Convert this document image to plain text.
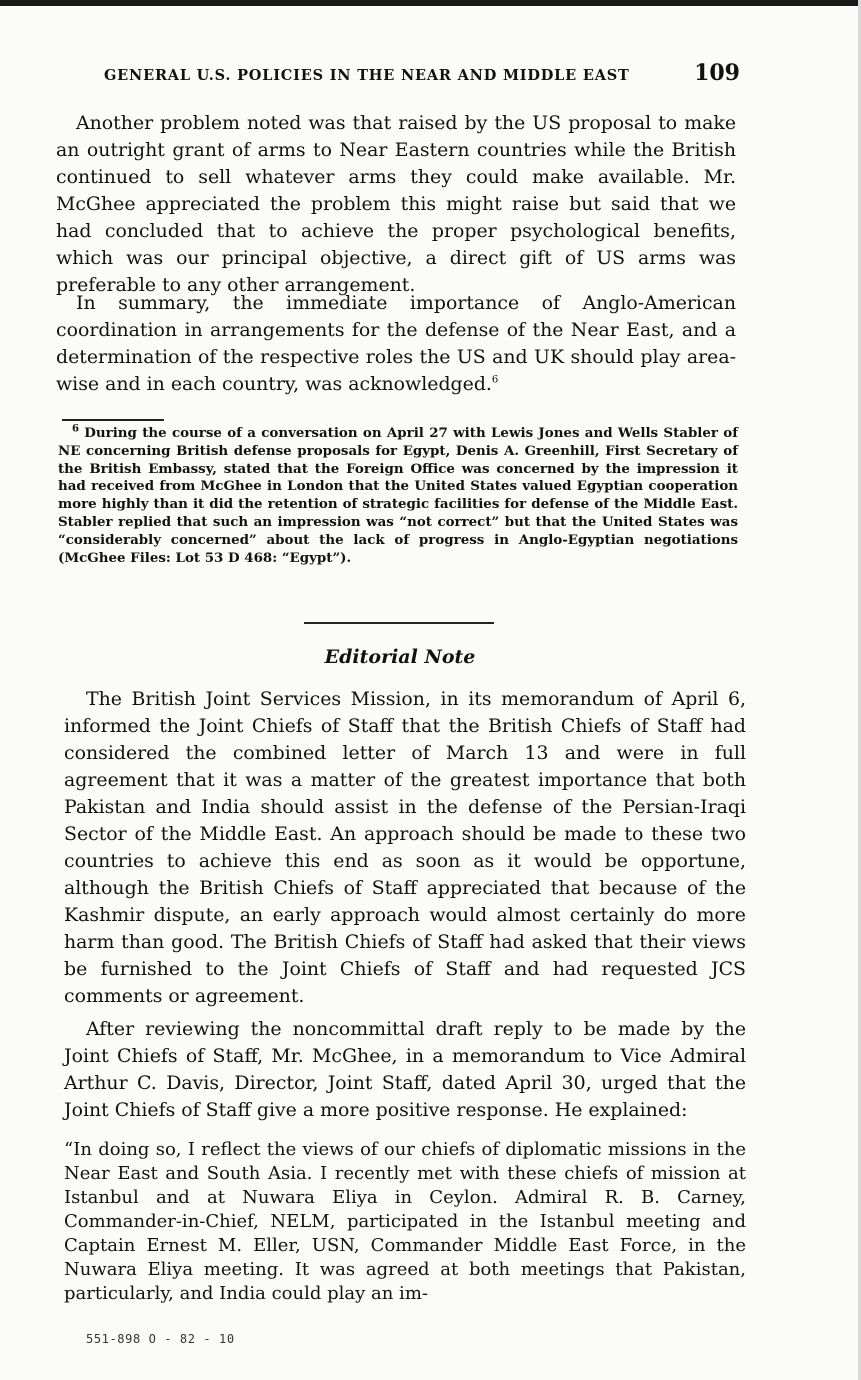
GENERAL U.S. POLICIES IN THE NEAR AND MIDDLE EAST	109

Another problem noted was that raised by the US proposal to make an outright grant of arms to Near Eastern countries while the British continued to sell whatever arms they could make available. Mr. McGhee appreciated the problem this might raise but said that we had concluded that to achieve the proper psychological benefits, which was our principal objective, a direct gift of US arms was preferable to any other arrangement.

In summary, the immediate importance of Anglo-American coordination in arrangements for the defense of the Near East, and a determination of the respective roles the US and UK should play area-wise and in each country, was acknowledged.$^6$

$^6$ During the course of a conversation on April 27 with Lewis Jones and Wells Stabler of NE concerning British defense proposals for Egypt, Denis A. Greenhill, First Secretary of the British Embassy, stated that the Foreign Office was concerned by the impression it had received from McGhee in London that the United States valued Egyptian cooperation more highly than it did the retention of strategic facilities for defense of the Middle East. Stabler replied that such an impression was “not correct” but that the United States was “considerably concerned” about the lack of progress in Anglo-Egyptian negotiations (McGhee Files: Lot 53 D 468: “Egypt”).

Editorial Note

The British Joint Services Mission, in its memorandum of April 6, informed the Joint Chiefs of Staff that the British Chiefs of Staff had considered the combined letter of March 13 and were in full agreement that it was a matter of the greatest importance that both Pakistan and India should assist in the defense of the Persian-Iraqi Sector of the Middle East. An approach should be made to these two countries to achieve this end as soon as it would be opportune, although the British Chiefs of Staff appreciated that because of the Kashmir dispute, an early approach would almost certainly do more harm than good. The British Chiefs of Staff had asked that their views be furnished to the Joint Chiefs of Staff and had requested JCS comments or agreement.

After reviewing the noncommittal draft reply to be made by the Joint Chiefs of Staff, Mr. McGhee, in a memorandum to Vice Admiral Arthur C. Davis, Director, Joint Staff, dated April 30, urged that the Joint Chiefs of Staff give a more positive response. He explained:

“In doing so, I reflect the views of our chiefs of diplomatic missions in the Near East and South Asia. I recently met with these chiefs of mission at Istanbul and at Nuwara Eliya in Ceylon. Admiral R. B. Carney, Commander-in-Chief, NELM, participated in the Istanbul meeting and Captain Ernest M. Eller, USN, Commander Middle East Force, in the Nuwara Eliya meeting. It was agreed at both meetings that Pakistan, particularly, and India could play an im-

551-898 O - 82 - 10
